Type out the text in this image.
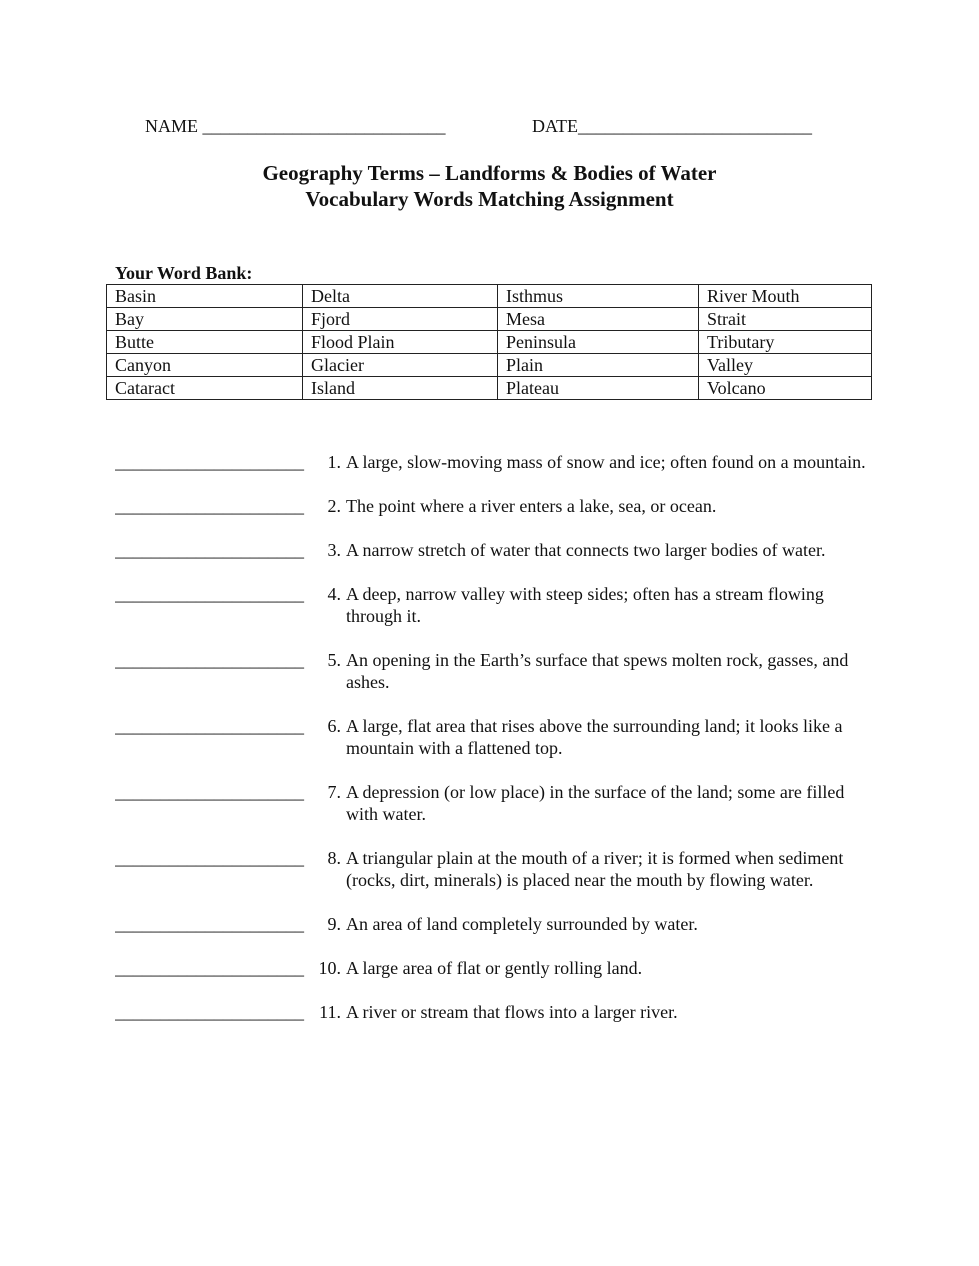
NAME ___________________________	DATE__________________________
Geography Terms – Landforms & Bodies of Water
Vocabulary Words Matching Assignment
Your Word Bank:
Basin	Delta	Isthmus	River Mouth
Bay	Fjord	Mesa	Strait
Butte	Flood Plain	Peninsula	Tributary
Canyon	Glacier	Plain	Valley
Cataract	Island	Plateau	Volcano
_____________________	1. A large, slow-moving mass of snow and ice; often found on a mountain.
_____________________	2. The point where a river enters a lake, sea, or ocean.
_____________________	3. A narrow stretch of water that connects two larger bodies of water.
_____________________	4. A deep, narrow valley with steep sides; often has a stream flowing through it.
_____________________	5. An opening in the Earth’s surface that spews molten rock, gasses, and ashes.
_____________________	6. A large, flat area that rises above the surrounding land; it looks like a mountain with a flattened top.
_____________________	7. A depression (or low place) in the surface of the land; some are filled with water.
_____________________	8. A triangular plain at the mouth of a river; it is formed when sediment (rocks, dirt, minerals) is placed near the mouth by flowing water.
_____________________	9. An area of land completely surrounded by water.
_____________________ 10. A large area of flat or gently rolling land.
_____________________ 11. A river or stream that flows into a larger river.
